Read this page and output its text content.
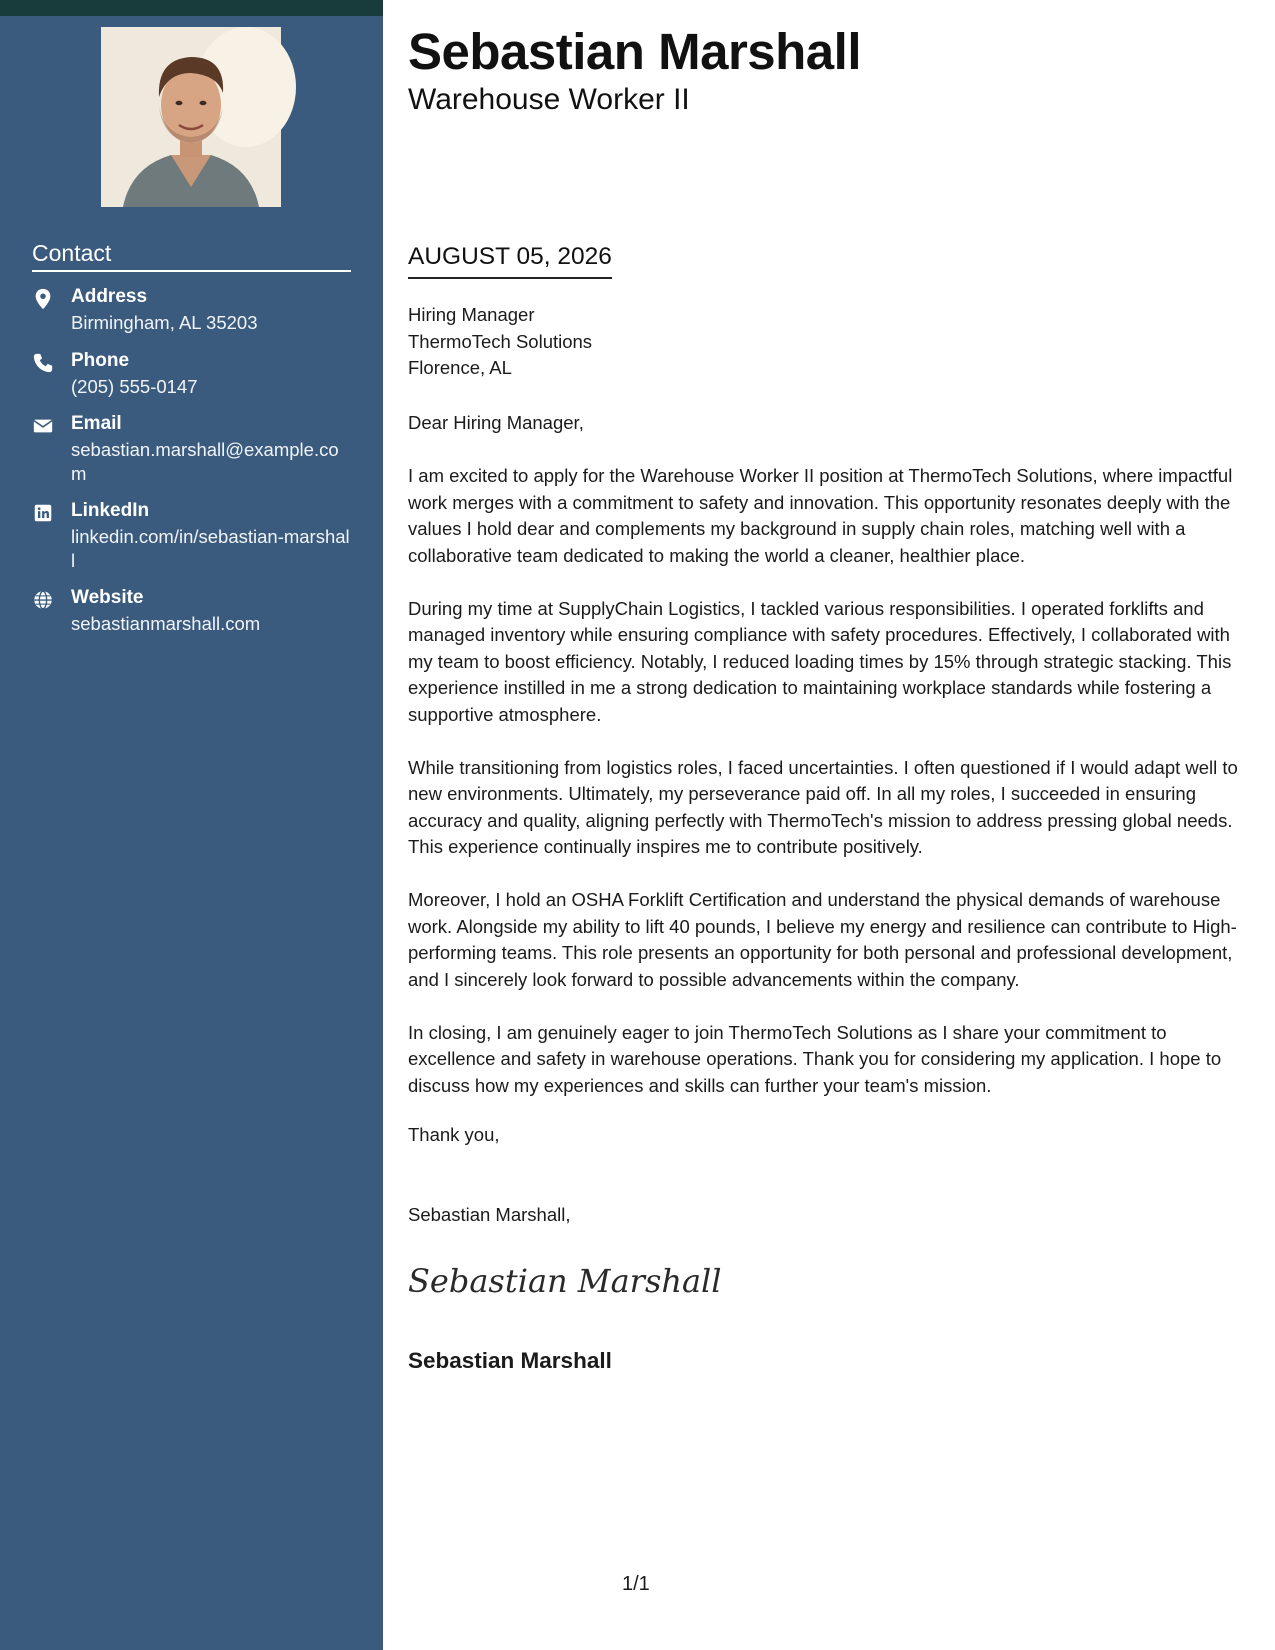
Contact
Address
Birmingham, AL 35203
Phone
(205) 555-0147
Email
sebastian.marshall@example.com
LinkedIn
linkedin.com/in/sebastian-marshall
Website
sebastianmarshall.com
Sebastian Marshall
Warehouse Worker II
AUGUST 05, 2026
Hiring Manager
ThermoTech Solutions
Florence, AL
Dear Hiring Manager,

I am excited to apply for the Warehouse Worker II position at ThermoTech Solutions, where impactful work merges with a commitment to safety and innovation. This opportunity resonates deeply with the values I hold dear and complements my background in supply chain roles, matching well with a collaborative team dedicated to making the world a cleaner, healthier place.

During my time at SupplyChain Logistics, I tackled various responsibilities. I operated forklifts and managed inventory while ensuring compliance with safety procedures. Effectively, I collaborated with my team to boost efficiency. Notably, I reduced loading times by 15% through strategic stacking. This experience instilled in me a strong dedication to maintaining workplace standards while fostering a supportive atmosphere.

While transitioning from logistics roles, I faced uncertainties. I often questioned if I would adapt well to new environments. Ultimately, my perseverance paid off. In all my roles, I succeeded in ensuring accuracy and quality, aligning perfectly with ThermoTech's mission to address pressing global needs. This experience continually inspires me to contribute positively.

Moreover, I hold an OSHA Forklift Certification and understand the physical demands of warehouse work. Alongside my ability to lift 40 pounds, I believe my energy and resilience can contribute to High-performing teams. This role presents an opportunity for both personal and professional development, and I sincerely look forward to possible advancements within the company.

In closing, I am genuinely eager to join ThermoTech Solutions as I share your commitment to excellence and safety in warehouse operations. Thank you for considering my application. I hope to discuss how my experiences and skills can further your team's mission.

Thank you,
Sebastian Marshall,
Sebastian Marshall
Sebastian Marshall
1/1
